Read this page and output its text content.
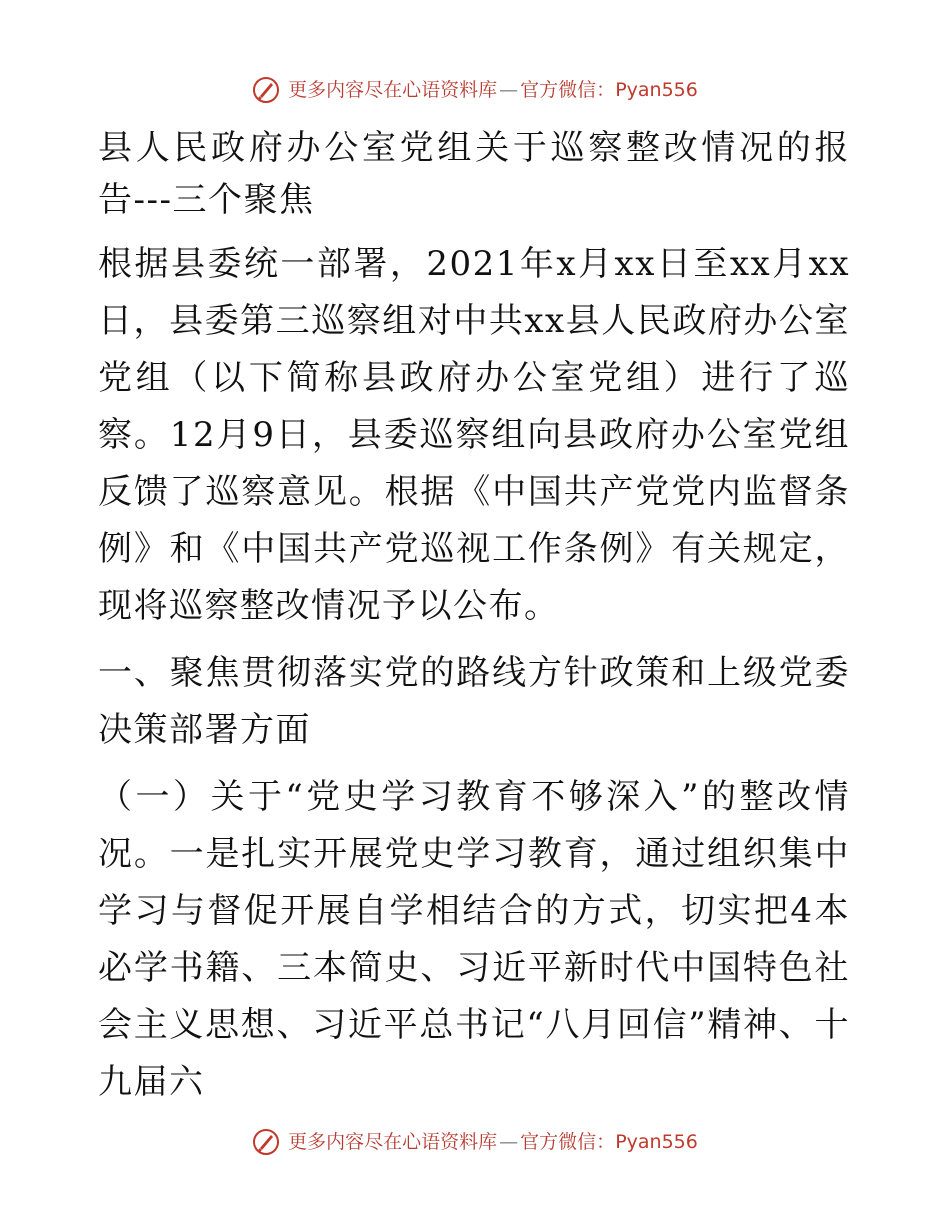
更多内容尽在心语资料库 — 官方微信： Pyan556

县人民政府办公室党组关于巡察整改情况的报告---三个聚焦

根据县委统一部署，2021年x月xx日至xx月xx日，县委第三巡察组对中共xx县人民政府办公室党组（以下简称县政府办公室党组）进行了巡察。12月9日，县委巡察组向县政府办公室党组反馈了巡察意见。根据《中国共产党党内监督条例》和《中国共产党巡视工作条例》有关规定，现将巡察整改情况予以公布。

一、聚焦贯彻落实党的路线方针政策和上级党委决策部署方面

（一）关于“党史学习教育不够深入”的整改情况。一是扎实开展党史学习教育，通过组织集中学习与督促开展自学相结合的方式，切实把4本必学书籍、三本简史、习近平新时代中国特色社会主义思想、习近平总书记“八月回信”精神、十九届六

更多内容尽在心语资料库 — 官方微信： Pyan556
